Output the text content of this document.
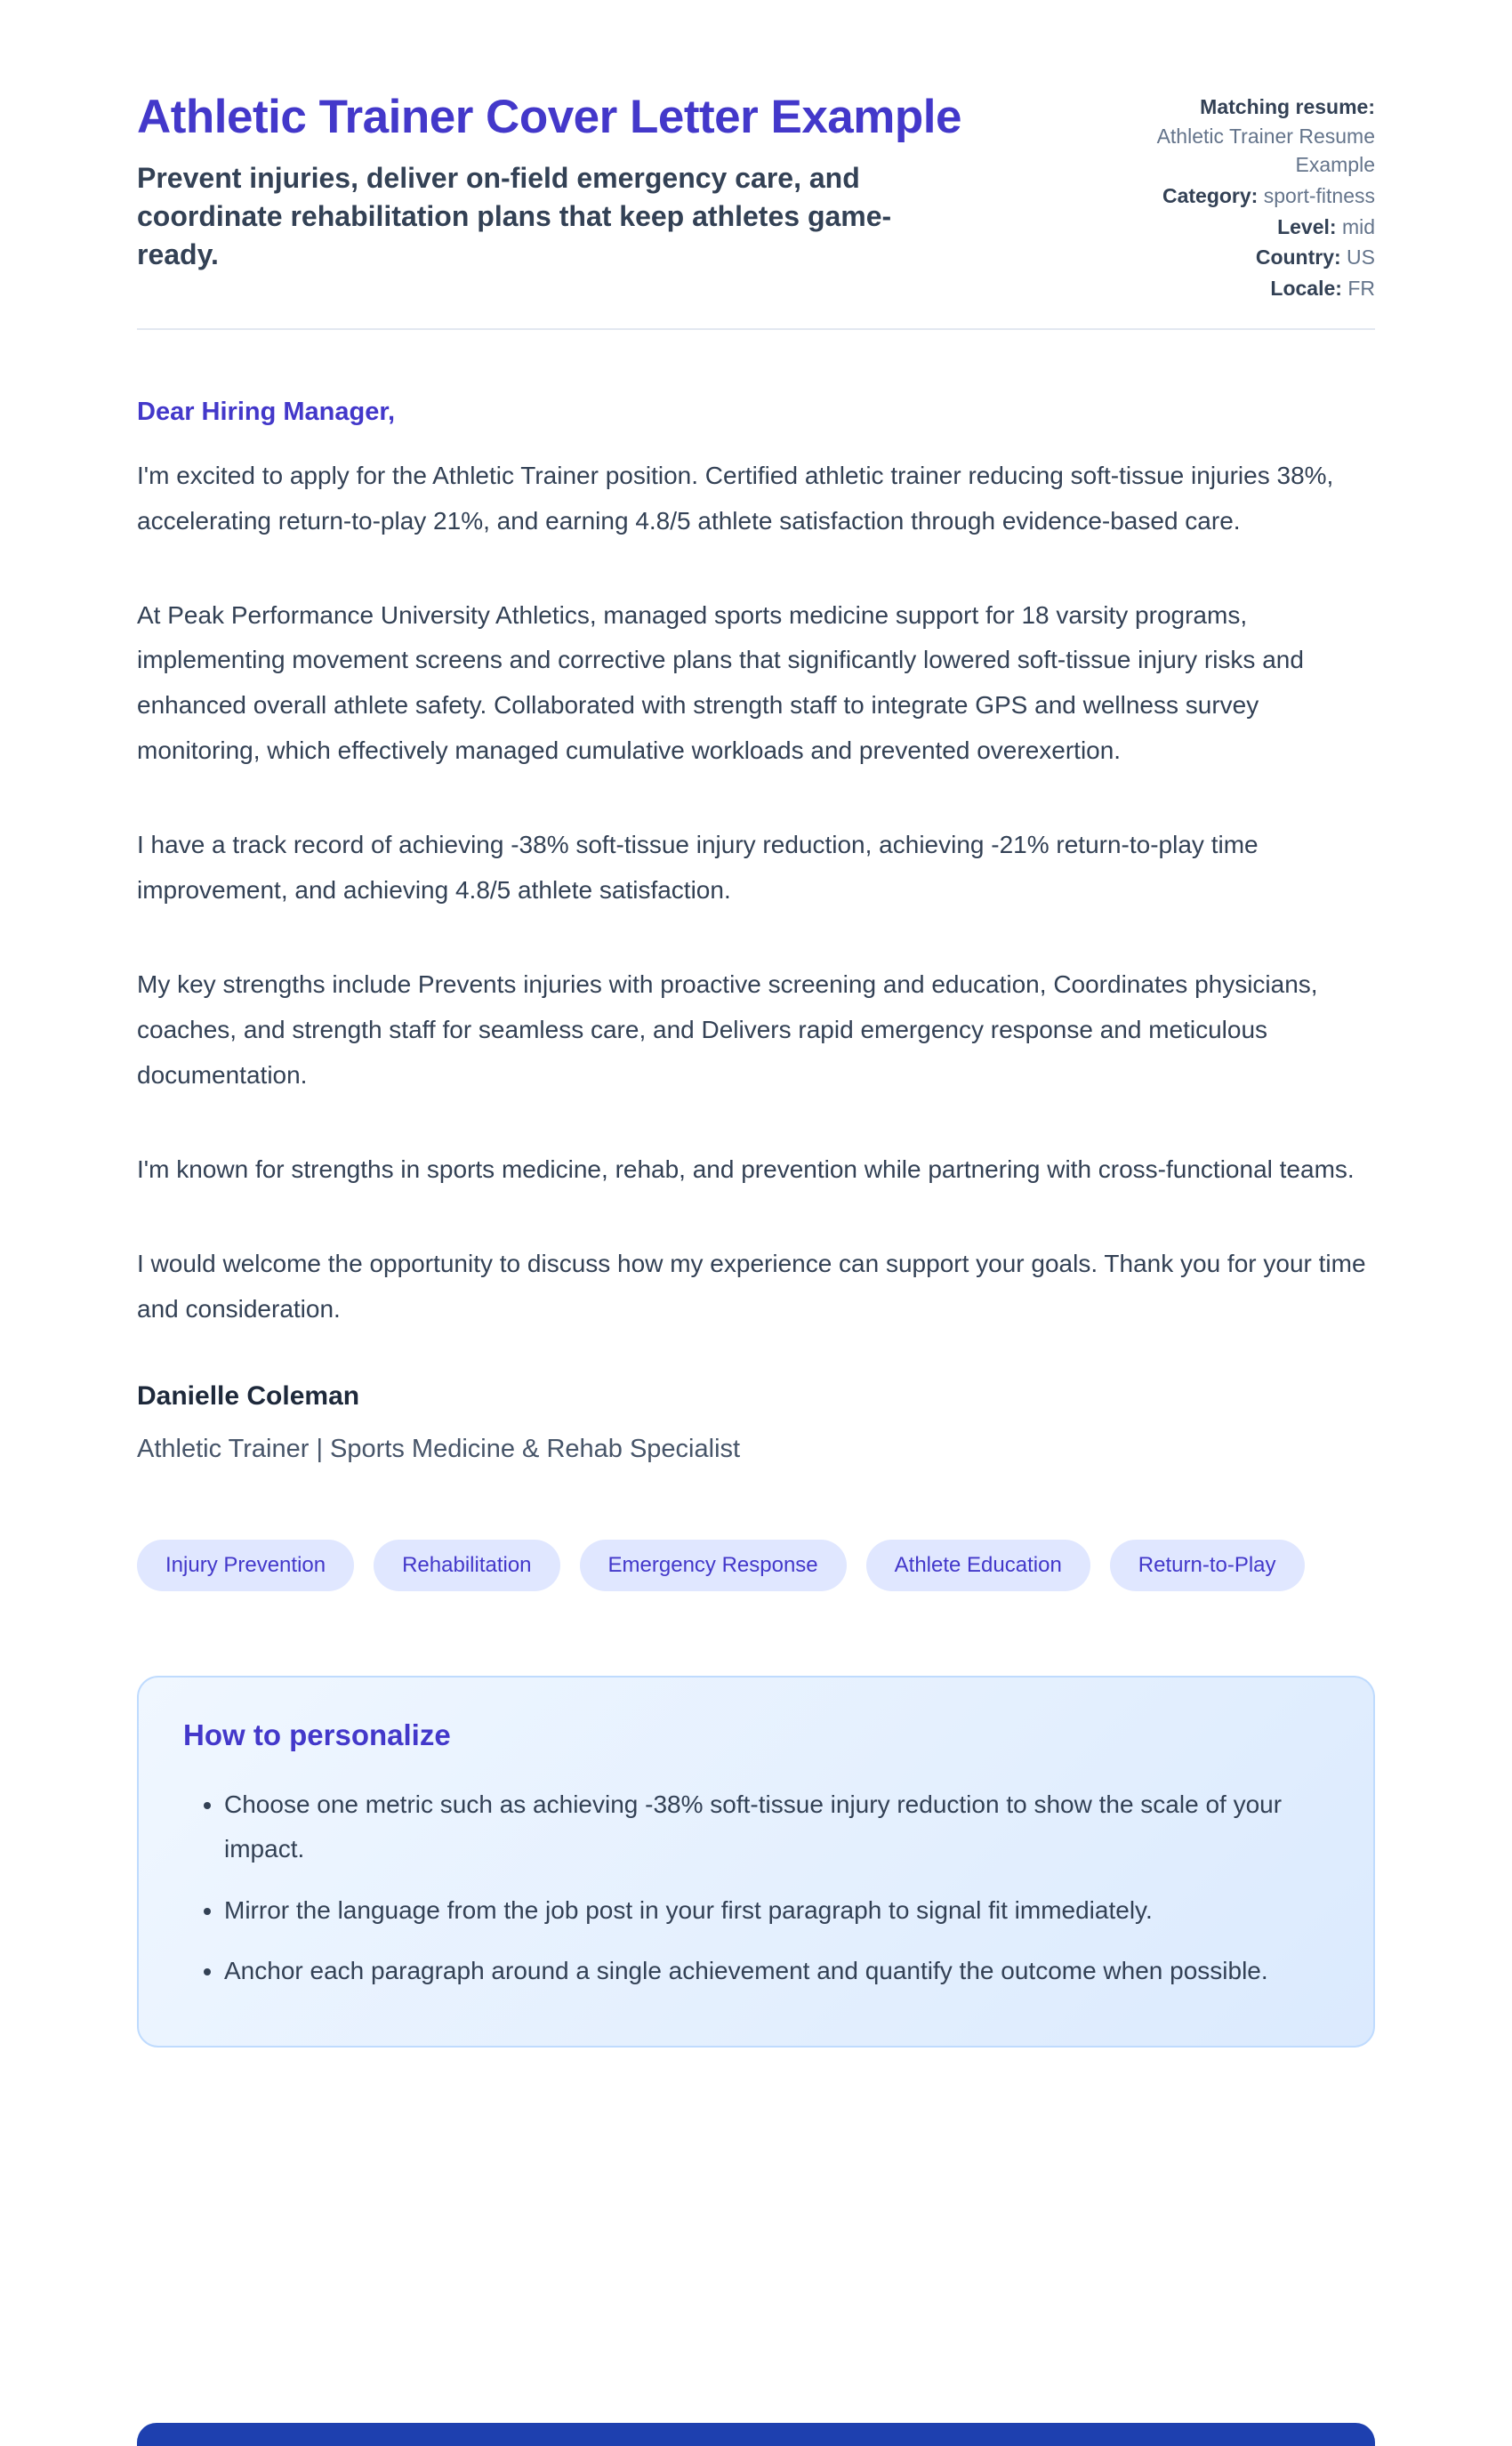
Athletic Trainer Cover Letter Example

Prevent injuries, deliver on-field emergency care, and coordinate rehabilitation plans that keep athletes game-ready.

Matching resume: Athletic Trainer Resume Example
Category: sport-fitness
Level: mid
Country: US
Locale: FR

Dear Hiring Manager,

I'm excited to apply for the Athletic Trainer position. Certified athletic trainer reducing soft-tissue injuries 38%, accelerating return-to-play 21%, and earning 4.8/5 athlete satisfaction through evidence-based care.

At Peak Performance University Athletics, managed sports medicine support for 18 varsity programs, implementing movement screens and corrective plans that significantly lowered soft-tissue injury risks and enhanced overall athlete safety. Collaborated with strength staff to integrate GPS and wellness survey monitoring, which effectively managed cumulative workloads and prevented overexertion.

I have a track record of achieving -38% soft-tissue injury reduction, achieving -21% return-to-play time improvement, and achieving 4.8/5 athlete satisfaction.

My key strengths include Prevents injuries with proactive screening and education, Coordinates physicians, coaches, and strength staff for seamless care, and Delivers rapid emergency response and meticulous documentation.

I'm known for strengths in sports medicine, rehab, and prevention while partnering with cross-functional teams.

I would welcome the opportunity to discuss how my experience can support your goals. Thank you for your time and consideration.

Danielle Coleman

Athletic Trainer | Sports Medicine & Rehab Specialist

Injury Prevention	Rehabilitation	Emergency Response	Athlete Education	Return-to-Play
How to personalize
• Choose one metric such as achieving -38% soft-tissue injury reduction to show the scale of your impact.
• Mirror the language from the job post in your first paragraph to signal fit immediately.
• Anchor each paragraph around a single achievement and quantify the outcome when possible.
